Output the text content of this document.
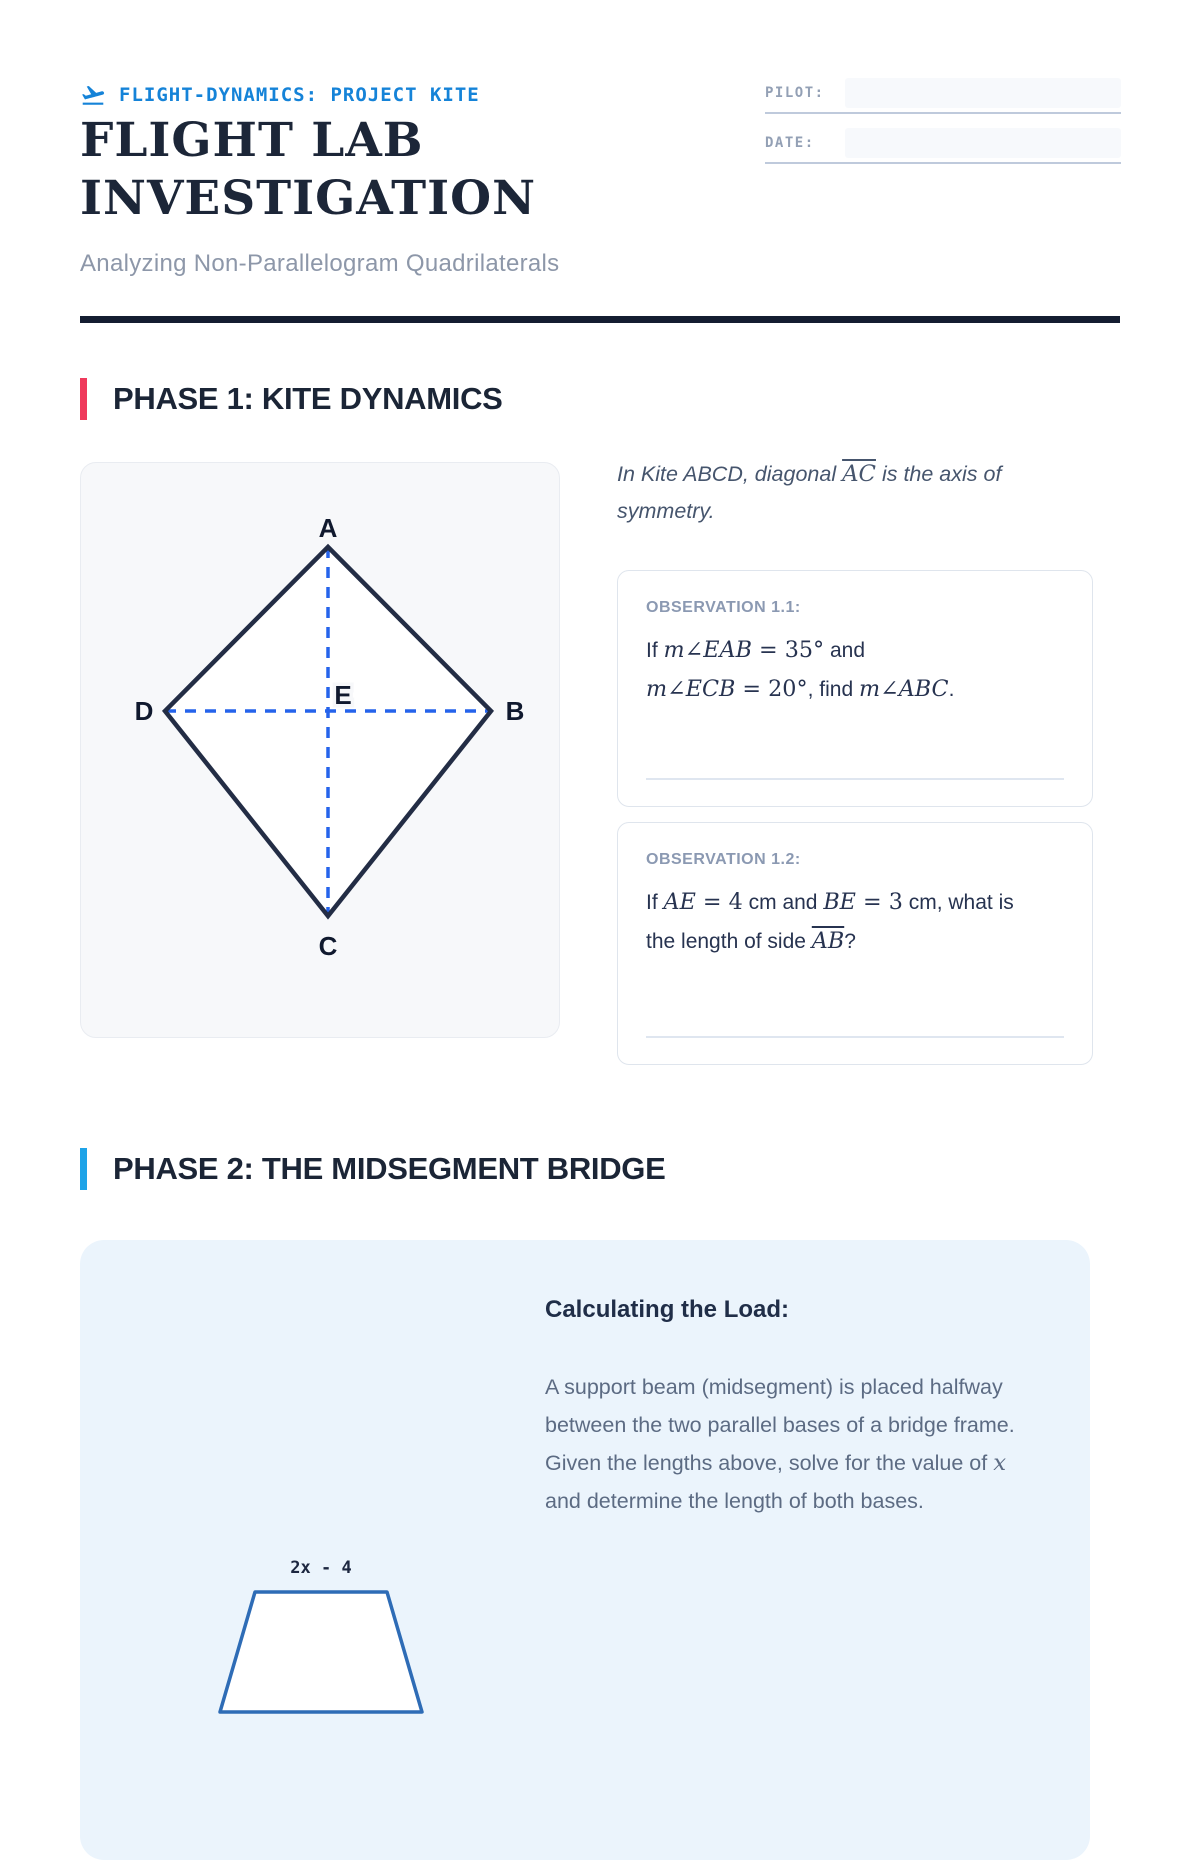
FLIGHT-DYNAMICS: PROJECT KITE	PILOT:
DATE:
FLIGHT LAB
INVESTIGATION
Analyzing Non-Parallelogram Quadrilaterals
PHASE 1: KITE DYNAMICS
A
B
C
D
E
In Kite ABCD, diagonal $\overline{AC}$ is the axis of
symmetry.
OBSERVATION 1.1:
If m∠EAB = 35° and
m∠ECB = 20°, find m∠ABC.
OBSERVATION 1.2:
If AE = 4 cm and BE = 3 cm, what is
the length of side $\overline{AB}$?
PHASE 2: THE MIDSEGMENT BRIDGE
Calculating the Load:
A support beam (midsegment) is placed halfway between the two parallel bases of a bridge frame. Given the lengths above, solve for the value of x and determine the length of both bases.
2x - 4
